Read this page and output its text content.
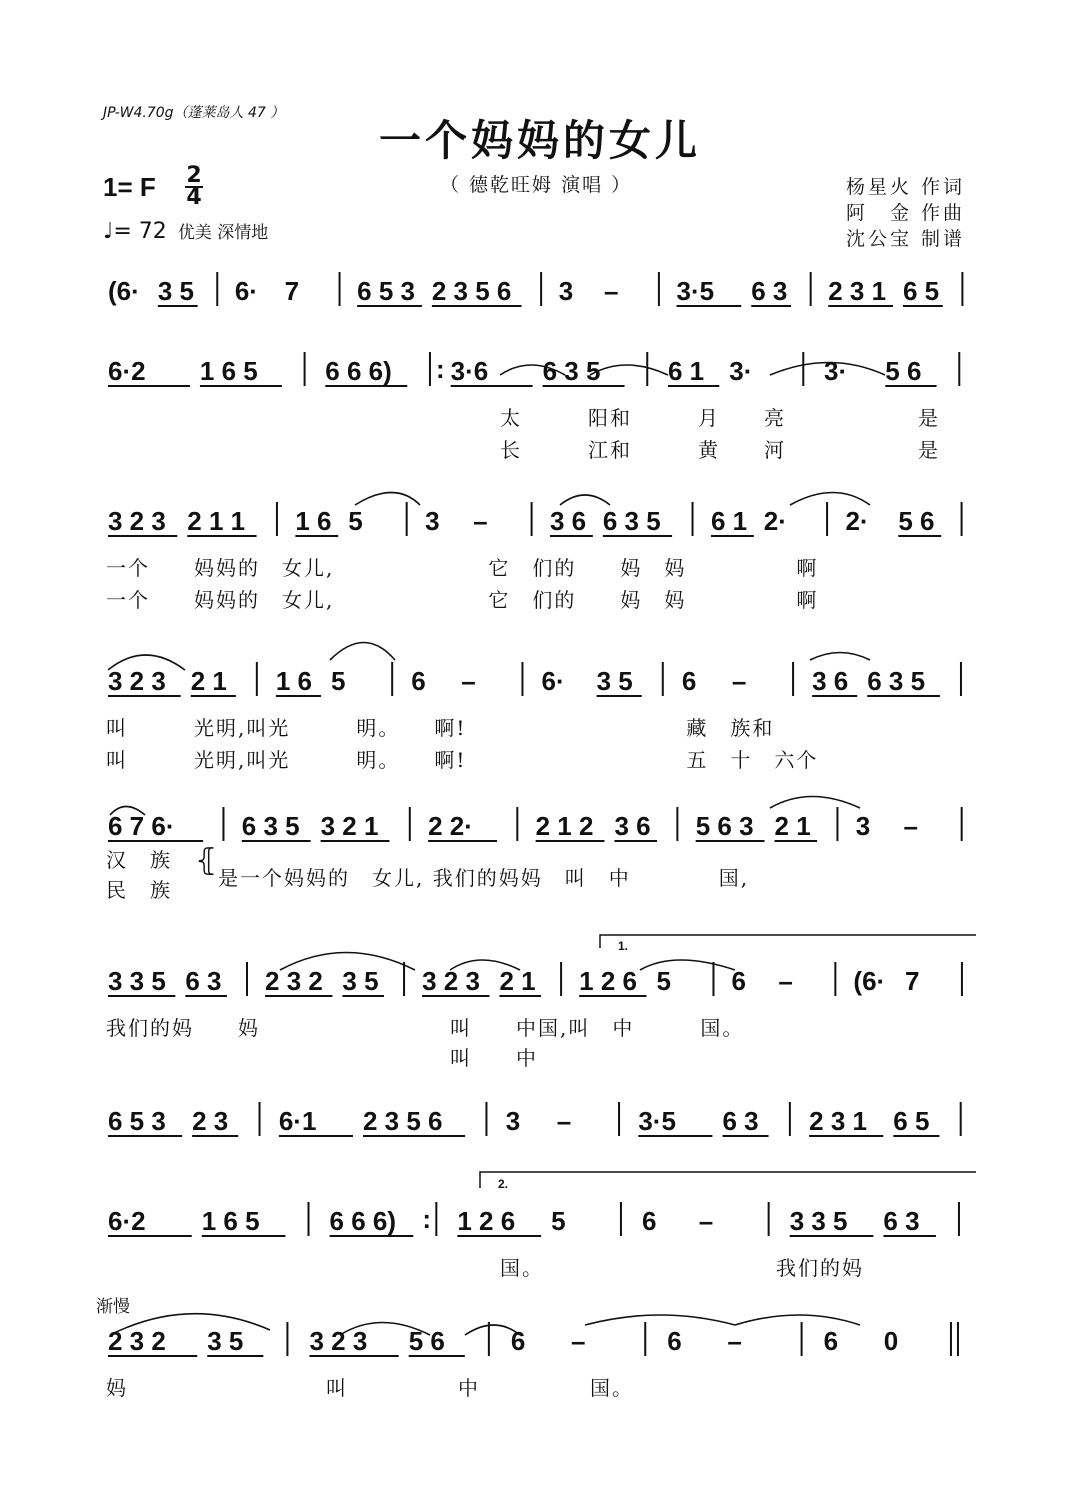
JP-W4.70g（蓬莱岛人 47 ）
一个妈妈的女儿
（ 德乾旺姆 演唱 ）	杨星火 作词
阿　金 作曲
沈公宝 制谱
1= F 2
4
♩= 72 优美 深情地
渐慢
1.
2.
⦃
是一个妈妈的　女儿, 我们的妈妈　叫　中　　　　国,
(6· 3 5 6· 7 6 5 3 2 3 5 6 3 – 3·5 6 3 2 3 1 6 5
6·2 1 6 5	6 6 6) : 3·6 6 3 5	6 1 3·	3· 5 6
太　　　阳和　　　月　　亮　　　　　　是
长　　　江和　　　黄　　河　　　　　　是
3 2 3 2 1 1 1 6 5 3 – 3 6 6 3 5 6 1 2· 2· 5 6
一个　　妈妈的　女儿,　　　　　　　它　们的　　妈　妈　　　　　啊
一个　　妈妈的　女儿,　　　　　　　它　们的　　妈　妈　　　　　啊
3 2 3 2 1 1 6 5	6 –	6· 3 5 6 –	3 6 6 3 5
叫　　　光明,叫光　　　明。　　啊!　　　　　　　　　　藏　族和
叫　　　光明,叫光　　　明。　　啊!　　　　　　　　　　五　十　六个
6 7 6·	6 3 5 3 2 1 2 2· 2 1 2 3 6 5 6 3 2 1 3 –
汉　族
民　族
3 3 5 6 3 2 3 2 3 5 3 2 3 2 1 1 2 6 5 6 – (6· 7
我们的妈　　妈	叫　　中国,叫　中　　　国。
叫　　中
6 5 3 2 3 6·1 2 3 5 6 3 –	3·5 6 3 2 3 1 6 5
6·2 1 6 5	6 6 6) : 1 2 6 5	6 –	3 3 5 6 3
国。　　　　　　　　　　　我们的妈
2 3 2 3 5	3 2 3 5 6	6 –	6 –	6 0
妈　　　　　　　　　叫　　　　　中　　　　　国。
